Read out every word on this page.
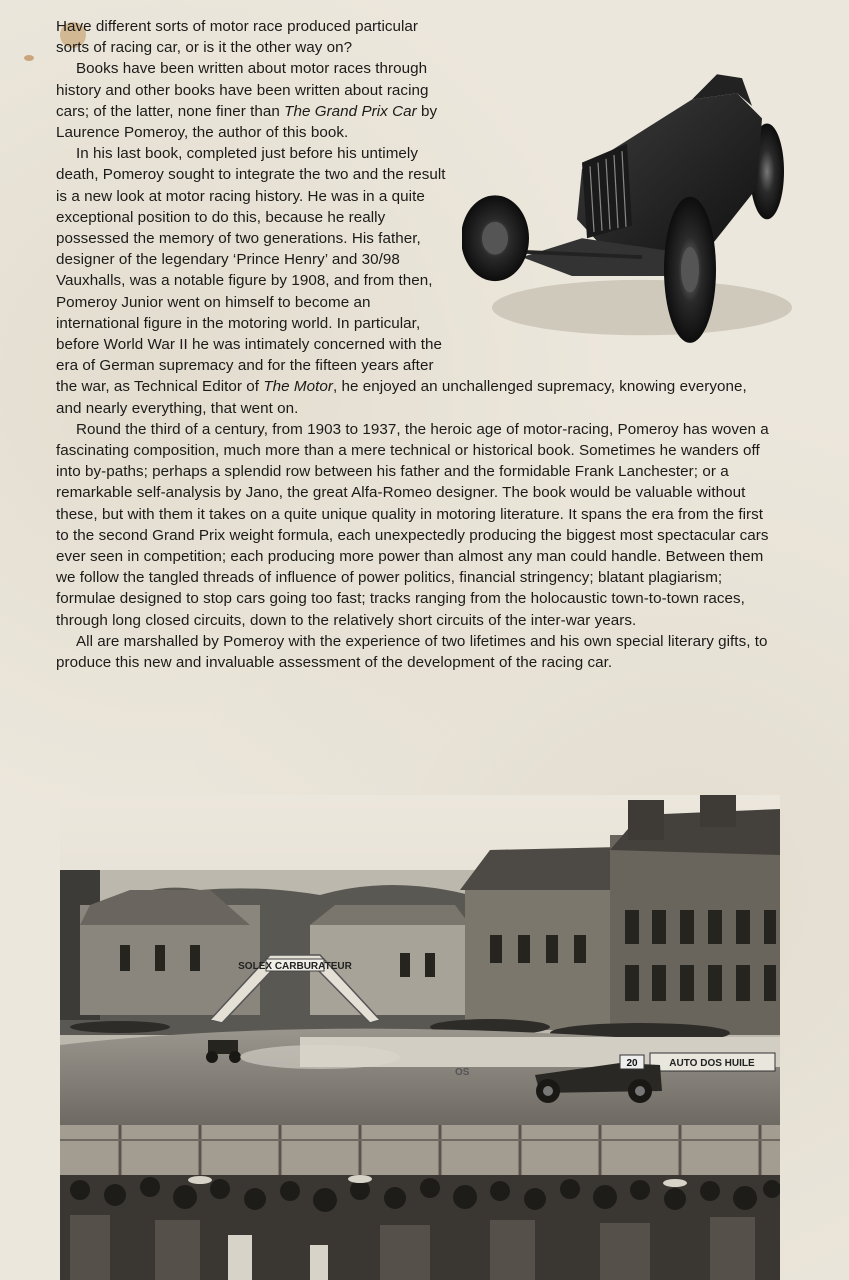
Have different sorts of motor race produced particular sorts of racing car, or is it the other way on?

Books have been written about motor races through history and other books have been written about racing cars; of the latter, none finer than The Grand Prix Car by Laurence Pomeroy, the author of this book.

In his last book, completed just before his untimely death, Pomeroy sought to integrate the two and the result is a new look at motor racing history. He was in a quite exceptional position to do this, because he really possessed the memory of two generations. His father, designer of the legendary ‘Prince Henry’ and 30/98 Vauxhalls, was a notable figure by 1908, and from then, Pomeroy Junior went on himself to become an international figure in the motoring world. In particular, before World War II he was intimately concerned with the era of German supremacy and for the fifteen years after the war, as Technical Editor of The Motor, he enjoyed an unchallenged supremacy, knowing everyone, and nearly everything, that went on.

Round the third of a century, from 1903 to 1937, the heroic age of motor-racing, Pomeroy has woven a fascinating composition, much more than a mere technical or historical book. Sometimes he wanders off into by-paths; perhaps a splendid row between his father and the formidable Frank Lanchester; or a remarkable self-analysis by Jano, the great Alfa-Romeo designer. The book would be valuable without these, but with them it takes on a quite unique quality in motoring literature. It spans the era from the first to the second Grand Prix weight formula, each unexpectedly producing the biggest most spectacular cars ever seen in competition; each producing more power than almost any man could handle. Between them we follow the tangled threads of influence of power politics, financial stringency; blatant plagiarism; formulae designed to stop cars going too fast; tracks ranging from the holocaustic town-to-town races, through long closed circuits, down to the relatively short circuits of the inter-war years.

All are marshalled by Pomeroy with the experience of two lifetimes and his own special literary gifts, to produce this new and invaluable assessment of the development of the racing car.

SOLEX CARBURATEUR
AUTO DOS HUILE
OS
20
